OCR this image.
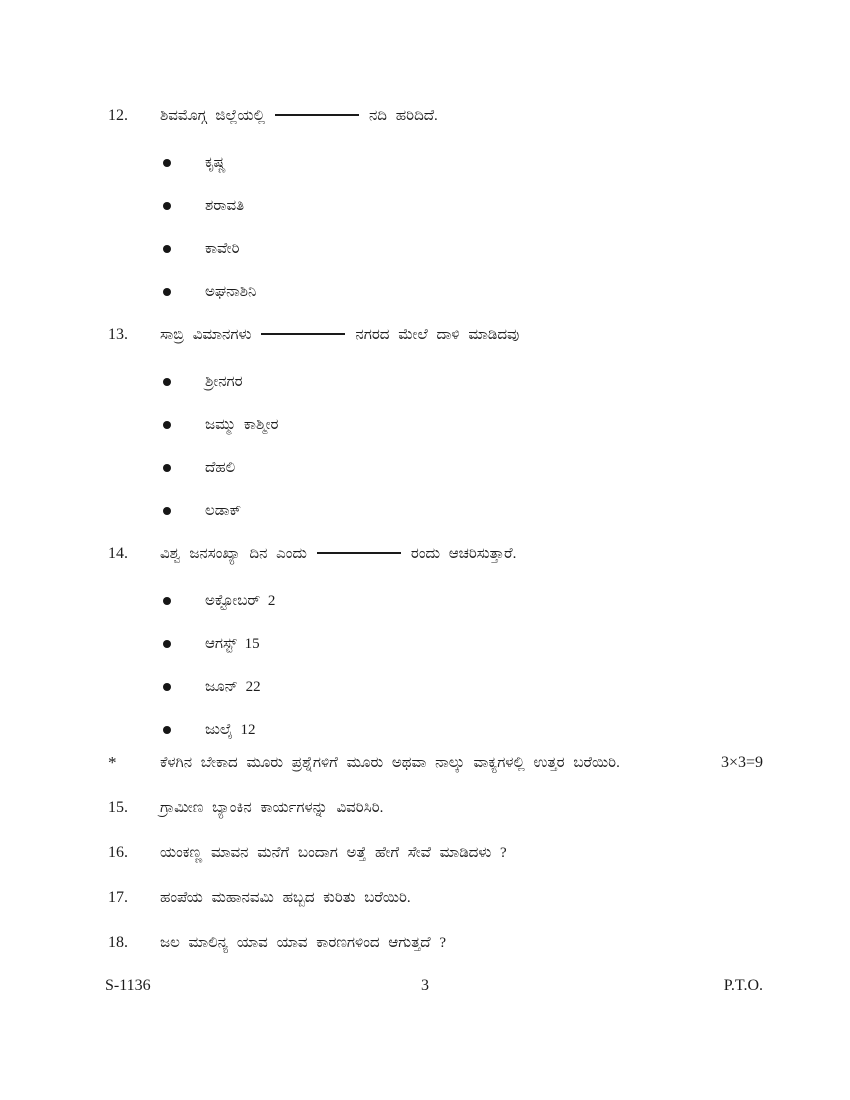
12.	ಶಿವಮೊಗ್ಗ ಜಿಲ್ಲೆಯಲ್ಲಿ	ನದಿ ಹರಿದಿದೆ.
ಕೃಷ್ಣ
ಶರಾವತಿ
ಕಾವೇರಿ
ಅಘನಾಶಿನಿ
13.	ಸಾಬ್ರಿ ವಿಮಾನಗಳು	ನಗರದ ಮೇಲೆ ದಾಳಿ ಮಾಡಿದವು
ಶ್ರೀನಗರ
ಜಮ್ಮು ಕಾಶ್ಮೀರ
ದೆಹಲಿ
ಲಡಾಕ್
14.	ವಿಶ್ವ ಜನಸಂಖ್ಯಾ ದಿನ ಎಂದು	ರಂದು ಆಚರಿಸುತ್ತಾರೆ.
ಅಕ್ಟೋಬರ್ 2
ಆಗಸ್ಟ್ 15
ಜೂನ್ 22
ಜುಲೈ 12
*	ಕೆಳಗಿನ ಬೇಕಾದ ಮೂರು ಪ್ರಶ್ನೆಗಳಿಗೆ ಮೂರು ಅಥವಾ ನಾಲ್ಕು ವಾಕ್ಯಗಳಲ್ಲಿ ಉತ್ತರ ಬರೆಯಿರಿ.	3×3=9
15.	ಗ್ರಾಮೀಣ ಬ್ಯಾಂಕಿನ ಕಾರ್ಯಗಳನ್ನು ವಿವರಿಸಿರಿ.
16.	ಯಂಕಣ್ಣ ಮಾವನ ಮನೆಗೆ ಬಂದಾಗ ಅತ್ತೆ ಹೇಗೆ ಸೇವೆ ಮಾಡಿದಳು ?
17.	ಹಂಪೆಯ ಮಹಾನವಮಿ ಹಬ್ಬದ ಕುರಿತು ಬರೆಯಿರಿ.
18.	ಜಲ ಮಾಲಿನ್ಯ ಯಾವ ಯಾವ ಕಾರಣಗಳಿಂದ ಆಗುತ್ತದೆ ?
S-1136	3	P.T.O.
